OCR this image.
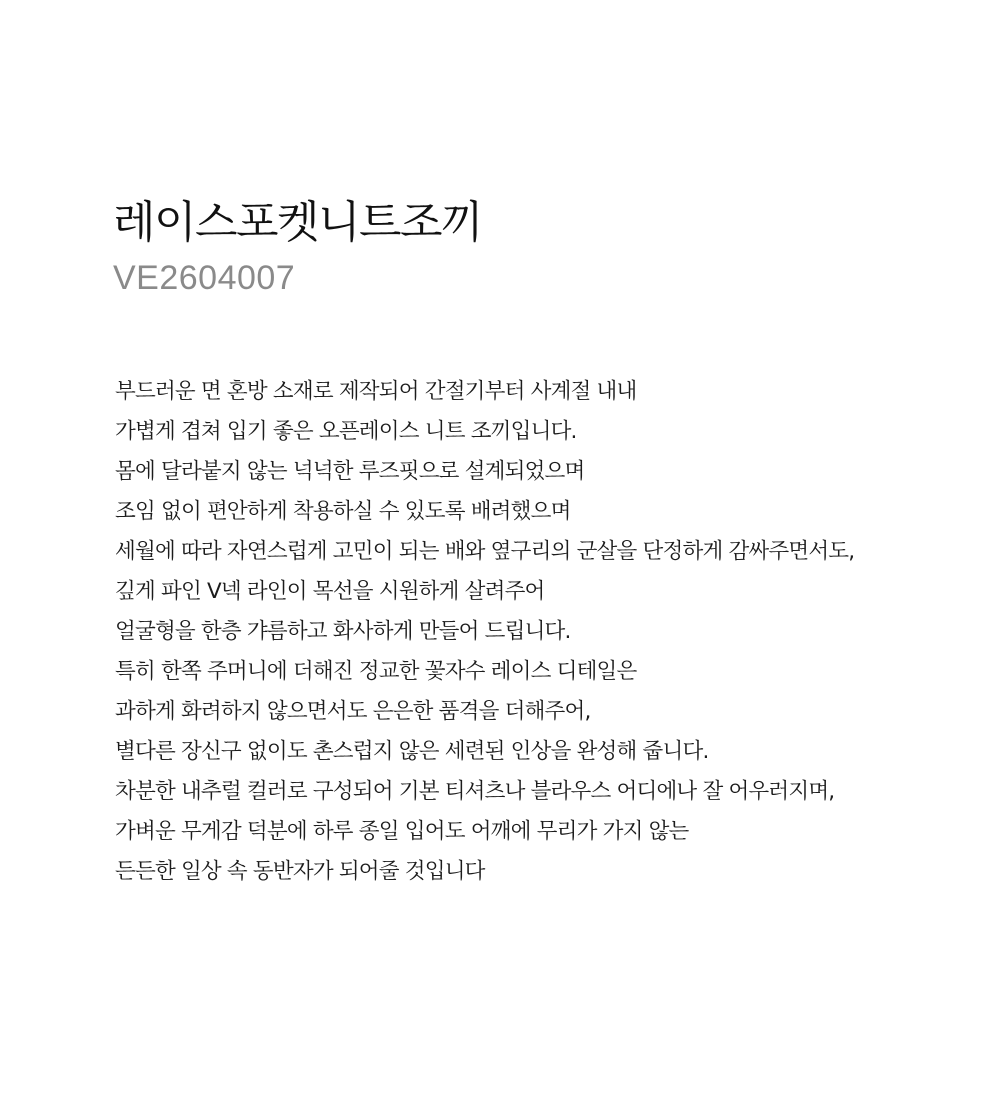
레이스포켓니트조끼

VE2604007

부드러운 면 혼방 소재로 제작되어 간절기부터 사계절 내내
가볍게 겹쳐 입기 좋은 오픈레이스 니트 조끼입니다.
몸에 달라붙지 않는 넉넉한 루즈핏으로 설계되었으며
조임 없이 편안하게 착용하실 수 있도록 배려했으며
세월에 따라 자연스럽게 고민이 되는 배와 옆구리의 군살을 단정하게 감싸주면서도,
깊게 파인 V넥 라인이 목선을 시원하게 살려주어
얼굴형을 한층 갸름하고 화사하게 만들어 드립니다.
특히 한쪽 주머니에 더해진 정교한 꽃자수 레이스 디테일은
과하게 화려하지 않으면서도 은은한 품격을 더해주어,
별다른 장신구 없이도 촌스럽지 않은 세련된 인상을 완성해 줍니다.
차분한 내추럴 컬러로 구성되어 기본 티셔츠나 블라우스 어디에나 잘 어우러지며,
가벼운 무게감 덕분에 하루 종일 입어도 어깨에 무리가 가지 않는
든든한 일상 속 동반자가 되어줄 것입니다
